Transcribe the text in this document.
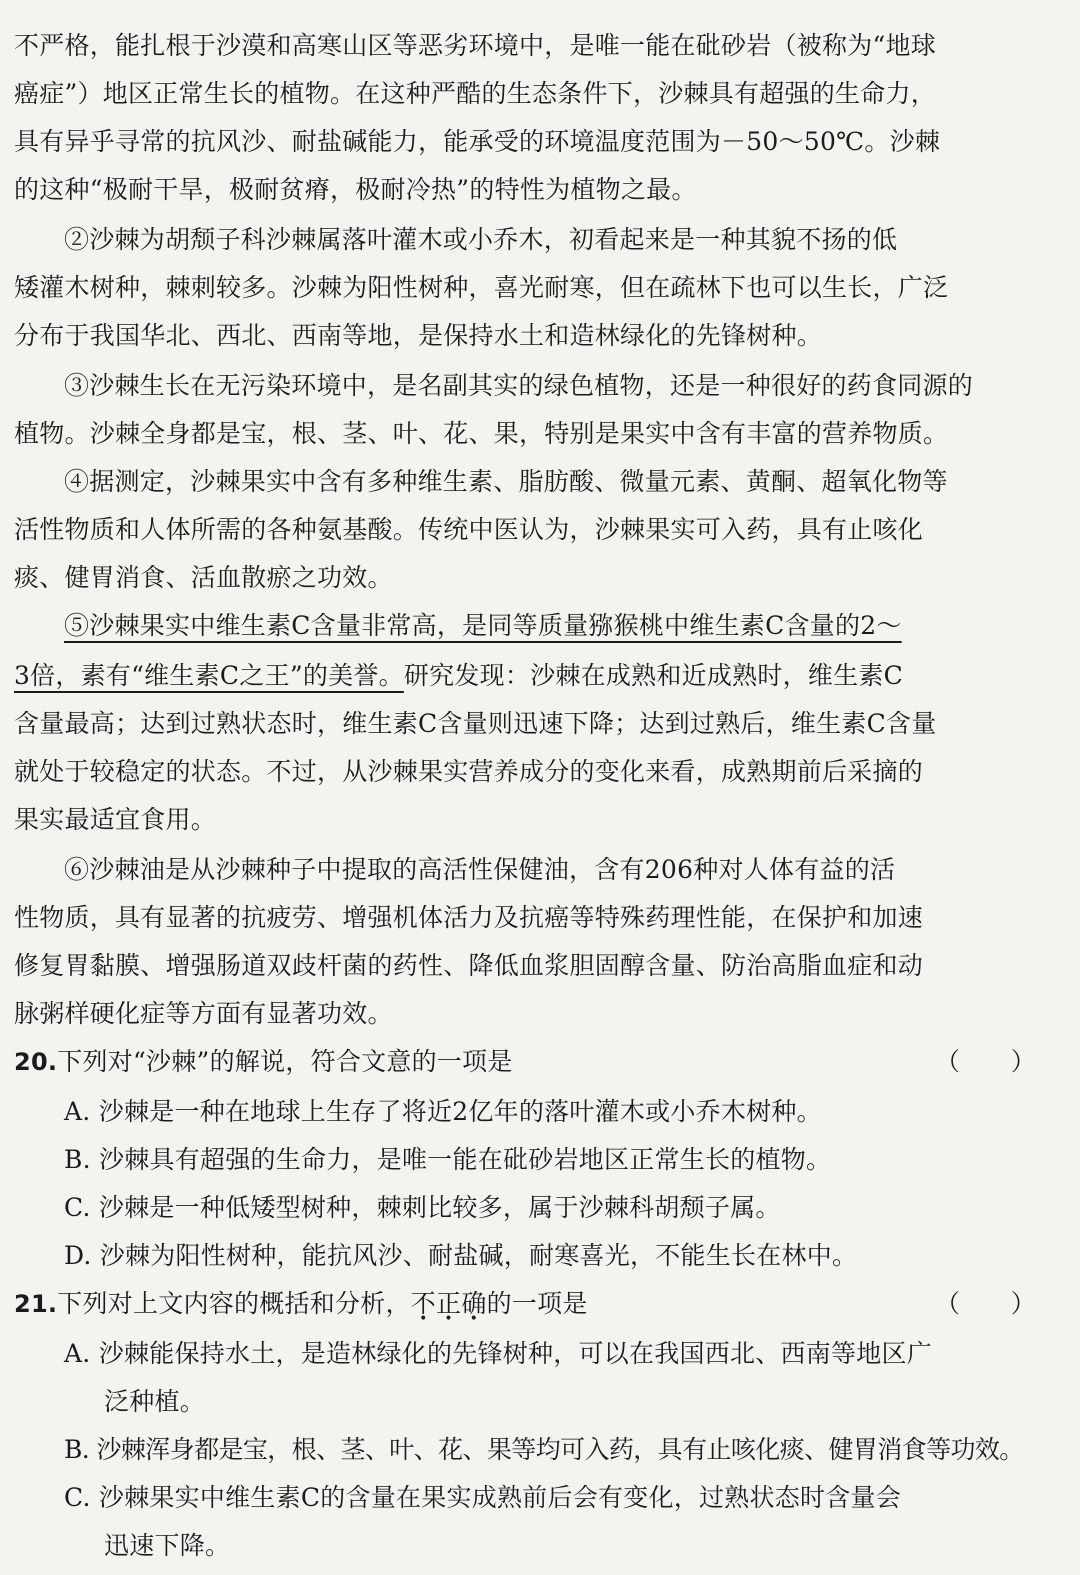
不严格，能扎根于沙漠和高寒山区等恶劣环境中，是唯一能在砒砂岩（被称为“地球
癌症”）地区正常生长的植物。在这种严酷的生态条件下，沙棘具有超强的生命力，
具有异乎寻常的抗风沙、耐盐碱能力，能承受的环境温度范围为－50～50℃。沙棘
的这种“极耐干旱，极耐贫瘠，极耐冷热”的特性为植物之最。
②沙棘为胡颓子科沙棘属落叶灌木或小乔木，初看起来是一种其貌不扬的低
矮灌木树种，棘刺较多。沙棘为阳性树种，喜光耐寒，但在疏林下也可以生长，广泛
分布于我国华北、西北、西南等地，是保持水土和造林绿化的先锋树种。
③沙棘生长在无污染环境中，是名副其实的绿色植物，还是一种很好的药食同源的
植物。沙棘全身都是宝，根、茎、叶、花、果，特别是果实中含有丰富的营养物质。
④据测定，沙棘果实中含有多种维生素、脂肪酸、微量元素、黄酮、超氧化物等
活性物质和人体所需的各种氨基酸。传统中医认为，沙棘果实可入药，具有止咳化
痰、健胃消食、活血散瘀之功效。
⑤沙棘果实中维生素C含量非常高，是同等质量猕猴桃中维生素C含量的2～
3倍，素有“维生素C之王”的美誉。研究发现：沙棘在成熟和近成熟时，维生素C
含量最高；达到过熟状态时，维生素C含量则迅速下降；达到过熟后，维生素C含量
就处于较稳定的状态。不过，从沙棘果实营养成分的变化来看，成熟期前后采摘的
果实最适宜食用。
⑥沙棘油是从沙棘种子中提取的高活性保健油，含有206种对人体有益的活
性物质，具有显著的抗疲劳、增强机体活力及抗癌等特殊药理性能，在保护和加速
修复胃黏膜、增强肠道双歧杆菌的药性、降低血浆胆固醇含量、防治高脂血症和动
脉粥样硬化症等方面有显著功效。
20.下列对“沙棘”的解说，符合文意的一项是	（　　）
A. 沙棘是一种在地球上生存了将近2亿年的落叶灌木或小乔木树种。
B. 沙棘具有超强的生命力，是唯一能在砒砂岩地区正常生长的植物。
C. 沙棘是一种低矮型树种，棘刺比较多，属于沙棘科胡颓子属。
D. 沙棘为阳性树种，能抗风沙、耐盐碱，耐寒喜光，不能生长在林中。
21.下列对上文内容的概括和分析，不正确的一项是	（　　）
A. 沙棘能保持水土，是造林绿化的先锋树种，可以在我国西北、西南等地区广
泛种植。
B. 沙棘浑身都是宝，根、茎、叶、花、果等均可入药，具有止咳化痰、健胃消食等功效。
C. 沙棘果实中维生素C的含量在果实成熟前后会有变化，过熟状态时含量会
迅速下降。
